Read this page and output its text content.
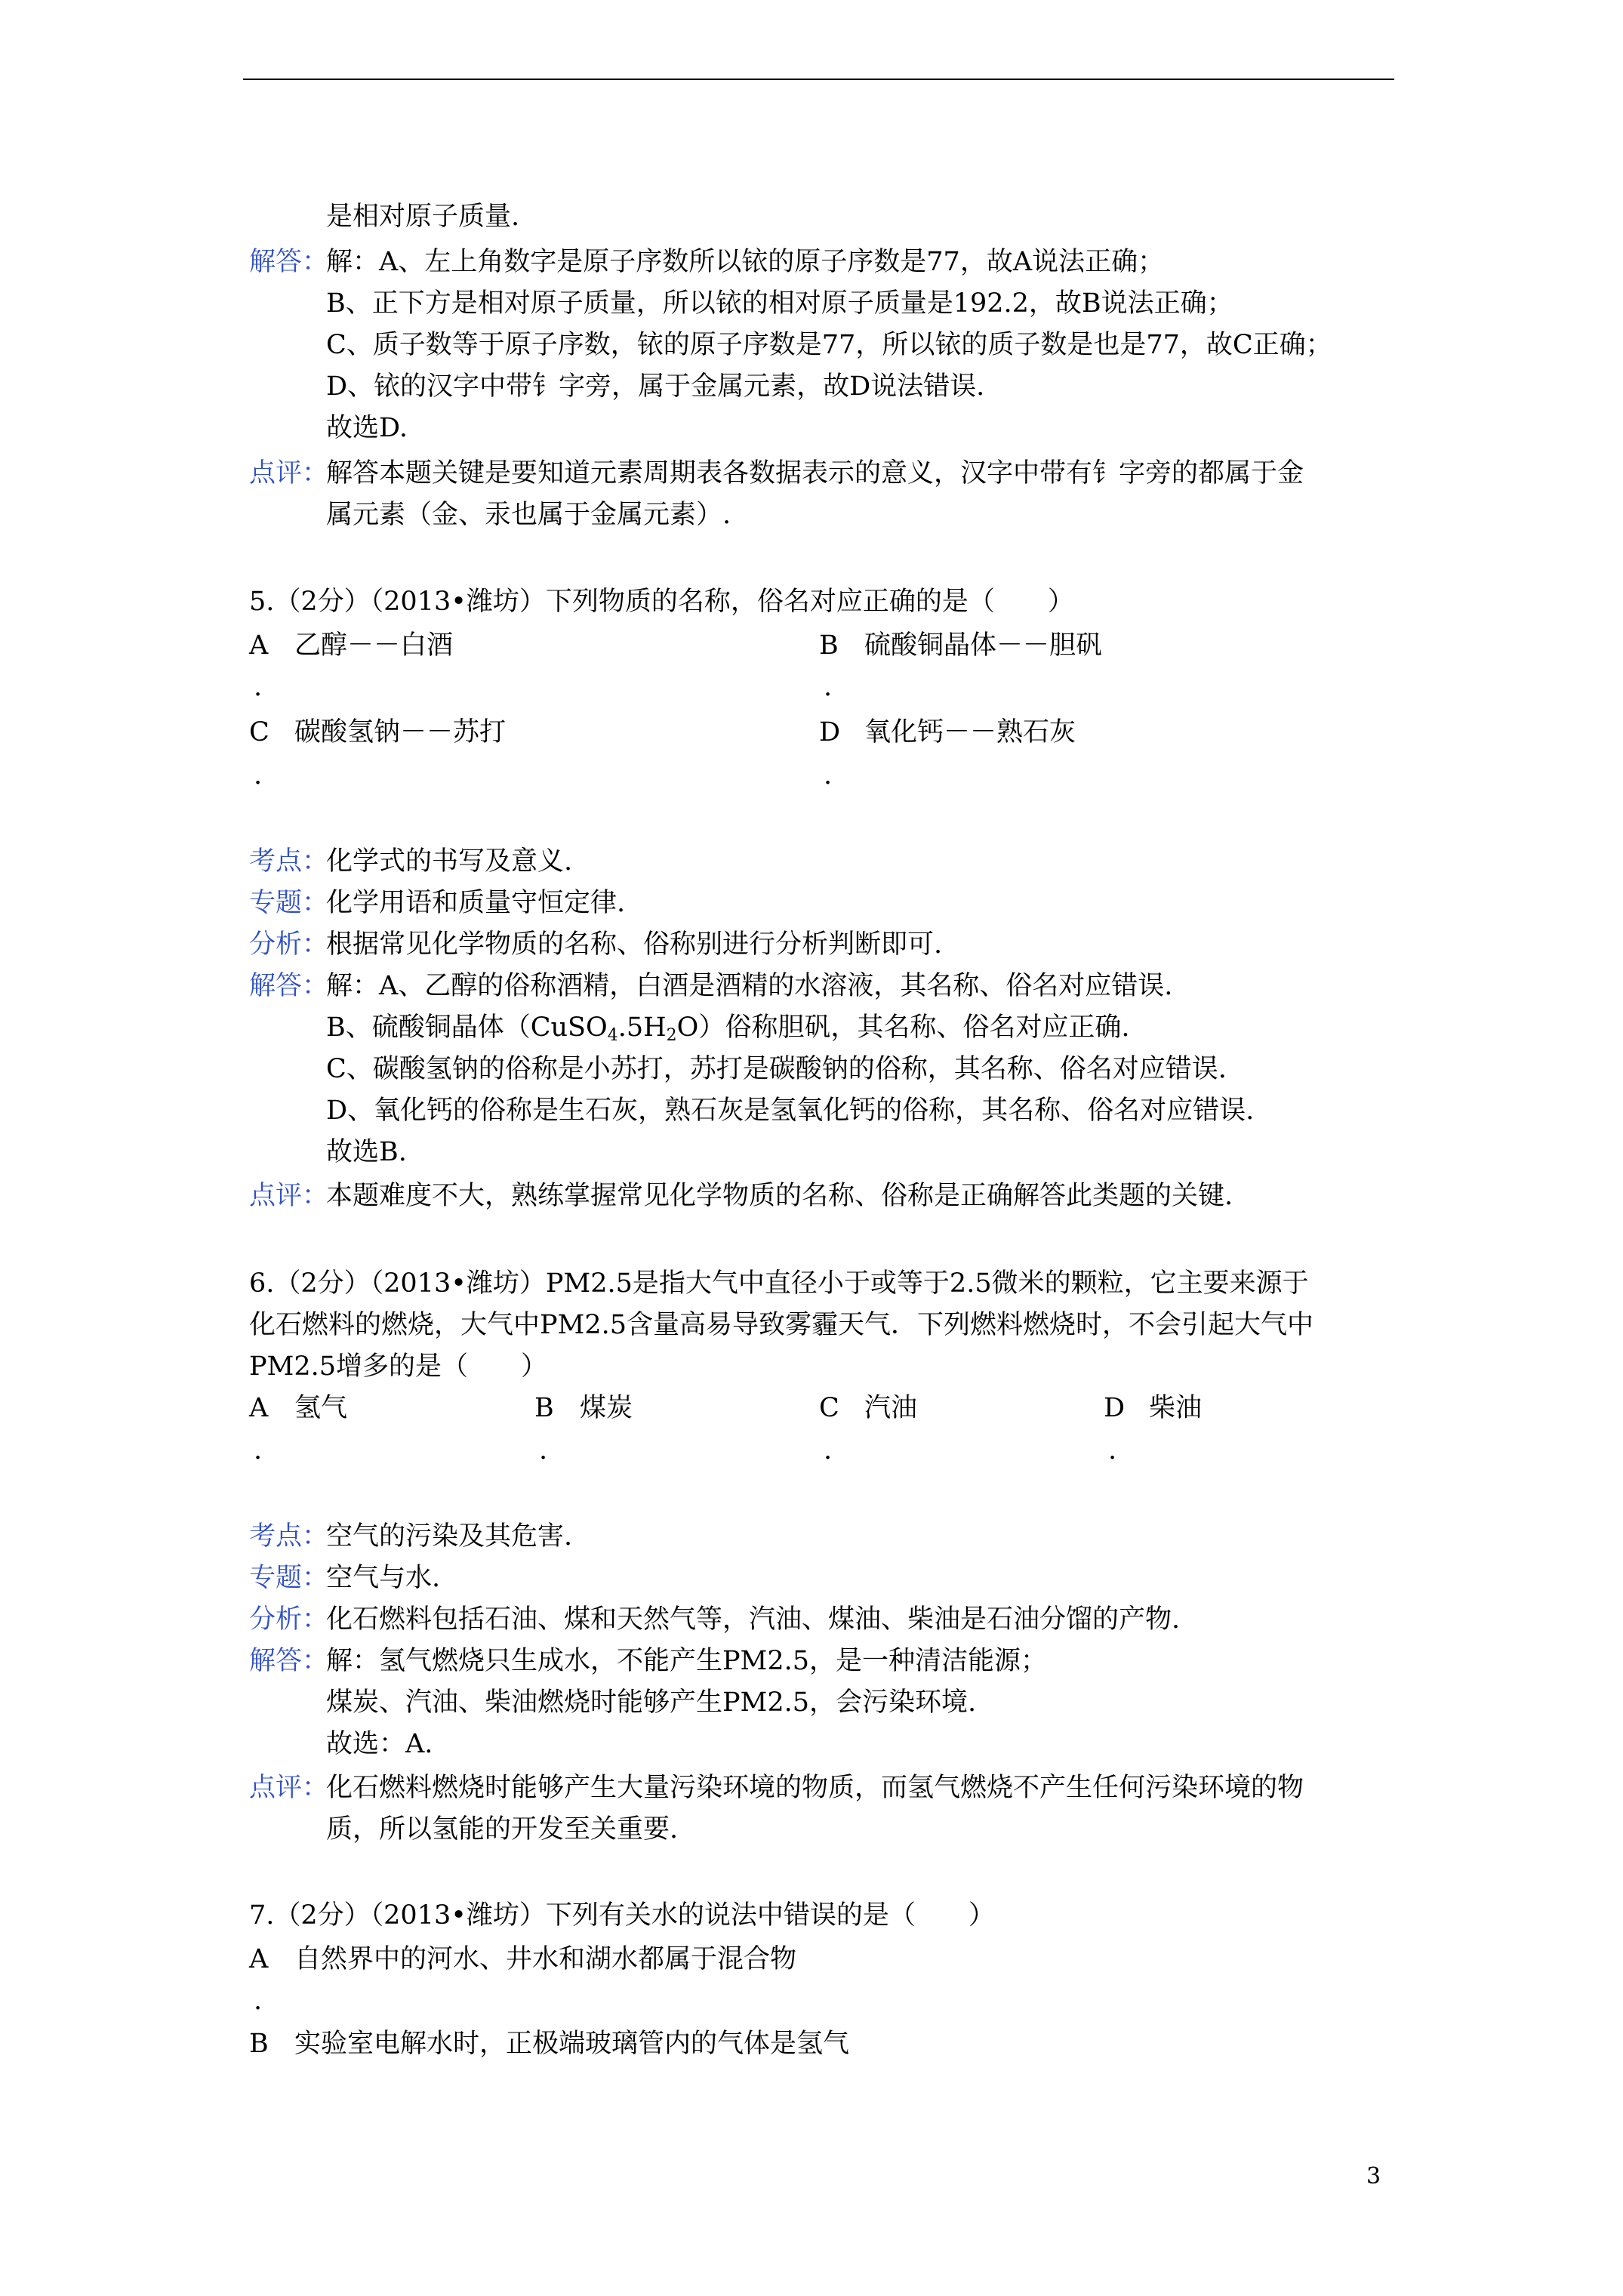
是相对原子质量.
解答：
解：A、左上角数字是原子序数所以铱的原子序数是77，故A说法正确；
B、正下方是相对原子质量，所以铱的相对原子质量是192.2，故B说法正确；
C、质子数等于原子序数，铱的原子序数是77，所以铱的质子数是也是77，故C正确；
D、铱的汉字中带钅字旁，属于金属元素，故D说法错误.
故选D.
点评：
解答本题关键是要知道元素周期表各数据表示的意义，汉字中带有钅字旁的都属于金
属元素（金、汞也属于金属元素）.
5.（2分）（2013•潍坊）下列物质的名称，俗名对应正确的是（　　）
A 乙醇－－白酒	B 硫酸铜晶体－－胆矾
.	.
C 碳酸氢钠－－苏打	D 氧化钙－－熟石灰
.	.
考点：
化学式的书写及意义.
专题：
化学用语和质量守恒定律.
分析：
根据常见化学物质的名称、俗称别进行分析判断即可.
解答：
解：A、乙醇的俗称酒精，白酒是酒精的水溶液，其名称、俗名对应错误.
B、硫酸铜晶体$(CuSO_4.5H_2O)$俗称胆矾，其名称、俗名对应正确.
C、碳酸氢钠的俗称是小苏打，苏打是碳酸钠的俗称，其名称、俗名对应错误.
D、氧化钙的俗称是生石灰，熟石灰是氢氧化钙的俗称，其名称、俗名对应错误.
故选B.
点评：
本题难度不大，熟练掌握常见化学物质的名称、俗称是正确解答此类题的关键.
6.（2分）（2013•潍坊）PM2.5是指大气中直径小于或等于2.5微米的颗粒，它主要来源于
化石燃料的燃烧，大气中PM2.5含量高易导致雾霾天气．下列燃料燃烧时，不会引起大气中
PM2.5增多的是（　　）
A 氢气	B 煤炭	C 汽油	D 柴油
.	.	.	.
考点：
空气的污染及其危害.
专题：
空气与水.
分析：
化石燃料包括石油、煤和天然气等，汽油、煤油、柴油是石油分馏的产物.
解答：
解：氢气燃烧只生成水，不能产生PM2.5，是一种清洁能源；
煤炭、汽油、柴油燃烧时能够产生PM2.5，会污染环境.
故选：A.
点评：
化石燃料燃烧时能够产生大量污染环境的物质，而氢气燃烧不产生任何污染环境的物
质，所以氢能的开发至关重要.
7.（2分）（2013•潍坊）下列有关水的说法中错误的是（　　）
A 自然界中的河水、井水和湖水都属于混合物
.
B 实验室电解水时，正极端玻璃管内的气体是氢气
3
